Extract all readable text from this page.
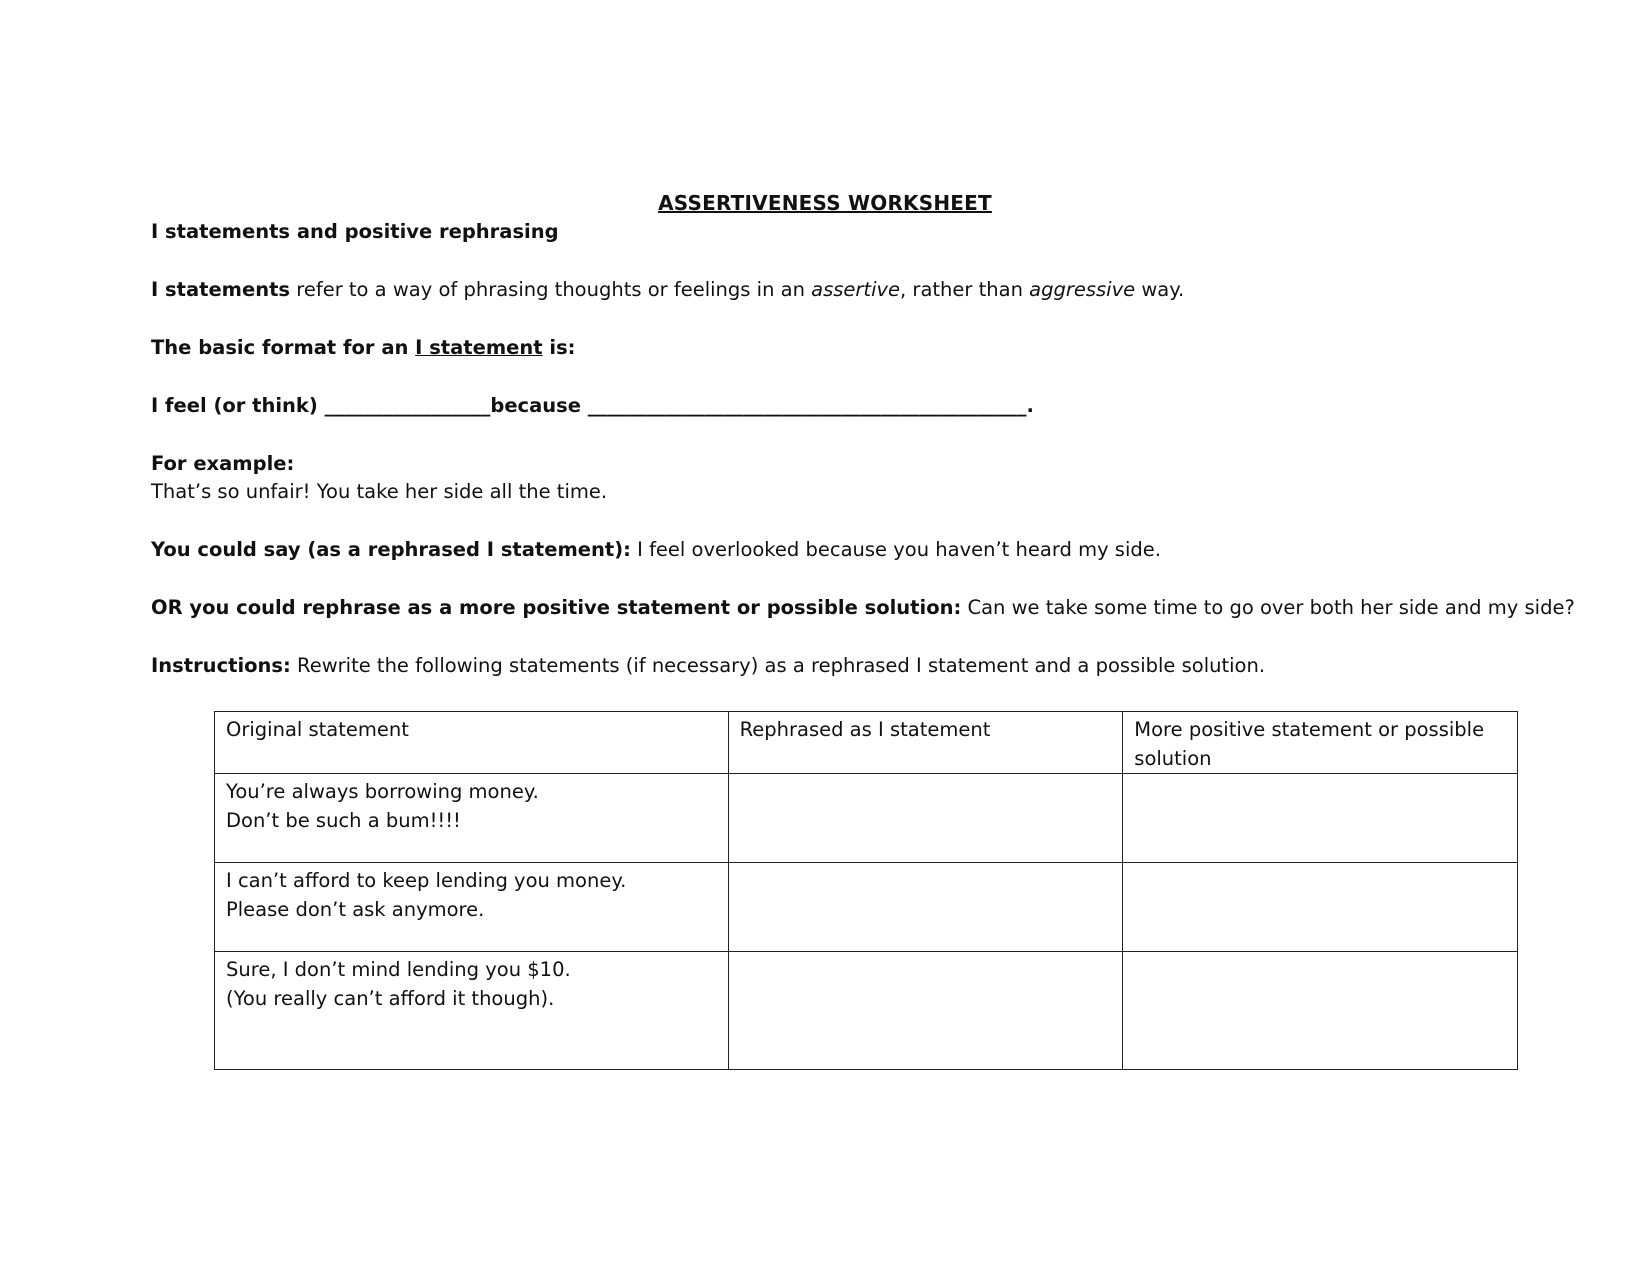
ASSERTIVENESS WORKSHEET
I statements and positive rephrasing
I statements refer to a way of phrasing thoughts or feelings in an assertive, rather than aggressive way.
The basic format for an I statement is:
I feel (or think) _________________because _____________________________________________.
For example:
That’s so unfair! You take her side all the time.
You could say (as a rephrased I statement): I feel overlooked because you haven’t heard my side.
OR you could rephrase as a more positive statement or possible solution: Can we take some time to go over both her side and my side?
Instructions: Rewrite the following statements (if necessary) as a rephrased I statement and a possible solution.
Original statement	Rephrased as I statement	More positive statement or possible
solution

You’re always borrowing money.
Don’t be such a bum!!!!		

I can’t afford to keep lending you money.
Please don’t ask anymore.		

Sure, I don’t mind lending you $10.
(You really can’t afford it though).		
